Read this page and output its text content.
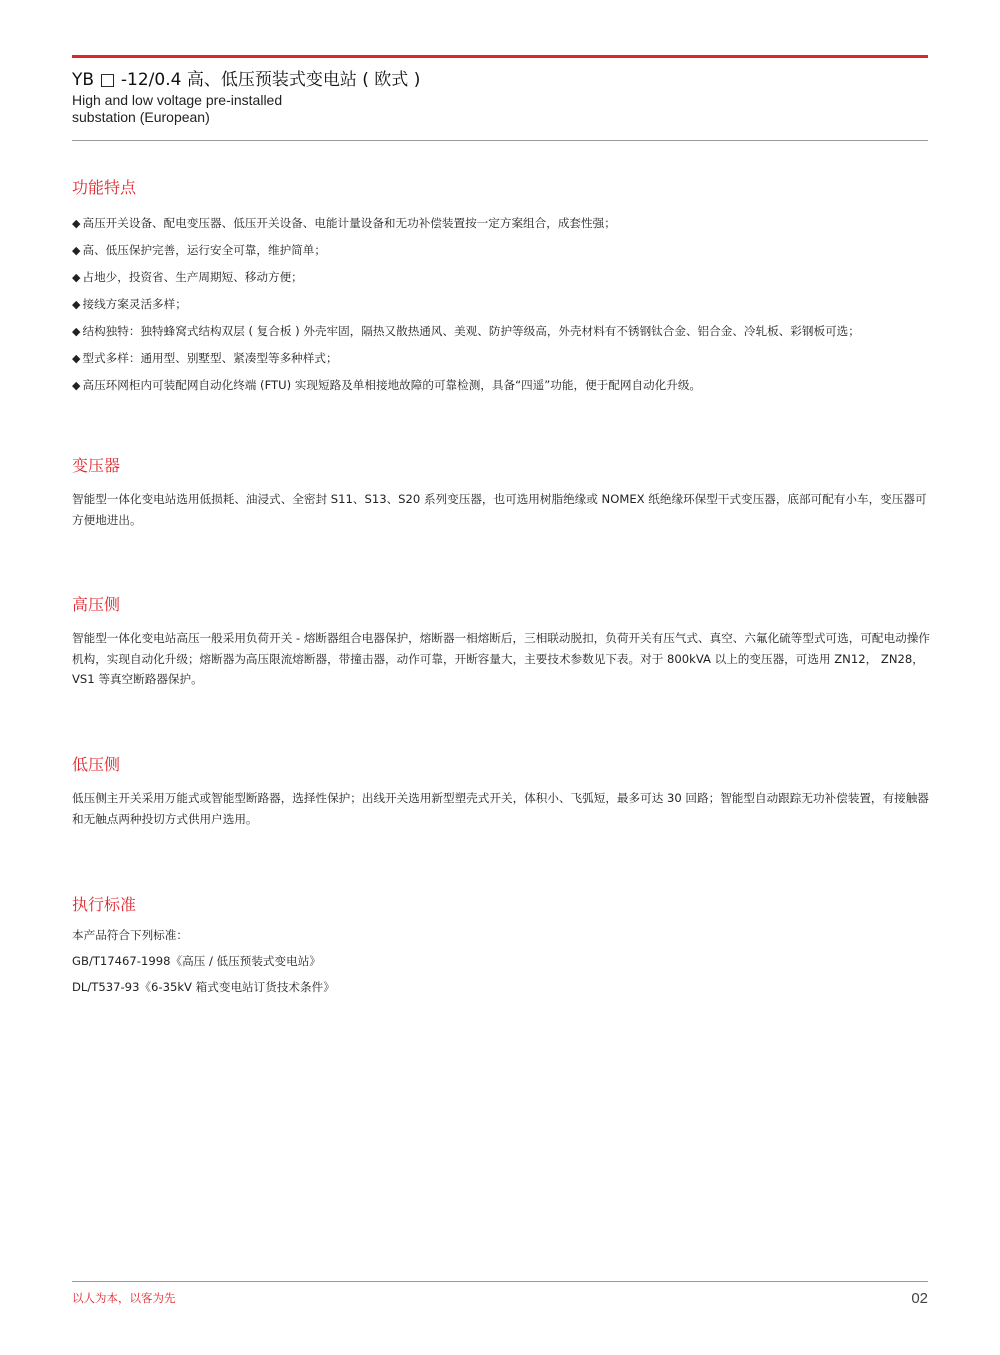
YB □ -12/0.4 高、低压预装式变电站 ( 欧式 )
High and low voltage pre-installed
substation (European)
功能特点
◆ 高压开关设备、配电变压器、低压开关设备、电能计量设备和无功补偿装置按一定方案组合，成套性强；
◆ 高、低压保护完善，运行安全可靠，维护简单；
◆ 占地少，投资省、生产周期短、移动方便；
◆ 接线方案灵活多样；
◆ 结构独特：独特蜂窝式结构双层 ( 复合板 ) 外壳牢固，隔热又散热通风、美观、防护等级高，外壳材料有不锈钢钛合金、铝合金、冷轧板、彩钢板可选；
◆ 型式多样：通用型、别墅型、紧凑型等多种样式；
◆ 高压环网柜内可装配网自动化终端 (FTU) 实现短路及单相接地故障的可靠检测，具备“四遥”功能，便于配网自动化升级。
变压器

智能型一体化变电站选用低损耗、油浸式、全密封 S11、S13、S20 系列变压器，也可选用树脂绝缘或 NOMEX 纸绝缘环保型干式变压器，底部可配有小车，变压器可方便地进出。

高压侧

智能型一体化变电站高压一般采用负荷开关 - 熔断器组合电器保护，熔断器一相熔断后，三相联动脱扣，负荷开关有压气式、真空、六氟化硫等型式可选，可配电动操作机构，实现自动化升级；熔断器为高压限流熔断器，带撞击器，动作可靠，开断容量大，主要技术参数见下表。对于 800kVA 以上的变压器，可选用 ZN12， ZN28，VS1 等真空断路器保护。

低压侧

低压侧主开关采用万能式或智能型断路器，选择性保护；出线开关选用新型塑壳式开关，体积小、飞弧短，最多可达 30 回路；智能型自动跟踪无功补偿装置，有接触器和无触点两种投切方式供用户选用。

执行标准
本产品符合下列标准：
GB/T17467-1998《高压 / 低压预装式变电站》
DL/T537-93《6-35kV 箱式变电站订货技术条件》
以人为本，以客为先	02
